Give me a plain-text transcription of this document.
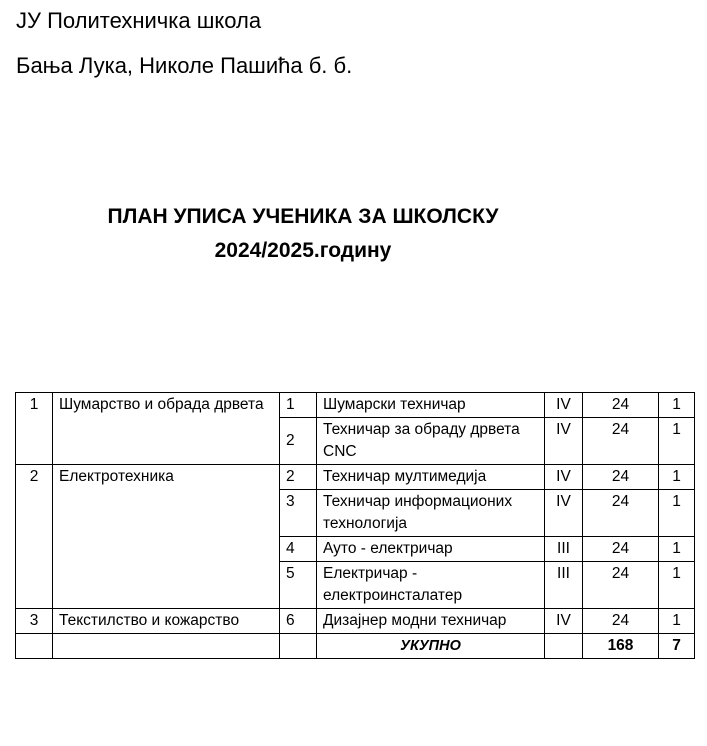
ЈУ Политехничка школа
Бања Лука, Николе Пашића б. б.
ПЛАН УПИСА УЧЕНИКА ЗА ШКОЛСКУ
2024/2025.годину
1	Шумарство и обрада дрвета	1	Шумарски техничар	IV	24	1
		2	Техничар за обраду дрвета CNC	IV	24	1
2	Електротехника	2	Техничар мултимедија	IV	24	1
		3	Техничар информационих технологија	IV	24	1
		4	Ауто - електричар	III	24	1
		5	Електричар - електроинсталатер	III	24	1
3	Текстилство и кожарство	6	Дизајнер модни техничар	IV	24	1
			УКУПНО		168	7
